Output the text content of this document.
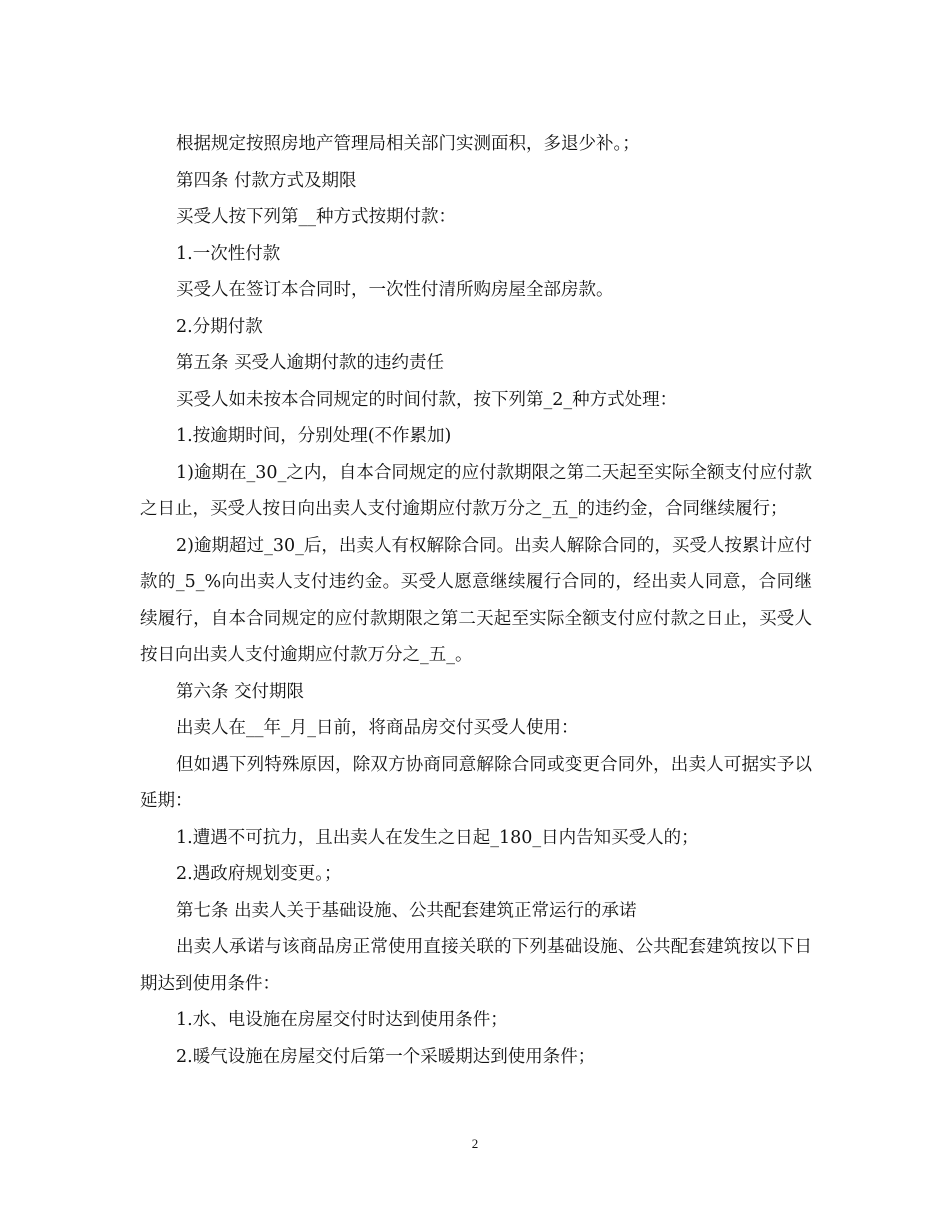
根据规定按照房地产管理局相关部门实测面积，多退少补。；

第四条 付款方式及期限

买受人按下列第__种方式按期付款：

1.一次性付款

买受人在签订本合同时，一次性付清所购房屋全部房款。

2.分期付款

第五条 买受人逾期付款的违约责任

买受人如未按本合同规定的时间付款，按下列第_2_种方式处理：

1.按逾期时间，分别处理(不作累加)

1)逾期在_30_之内，自本合同规定的应付款期限之第二天起至实际全额支付应付款之日止，买受人按日向出卖人支付逾期应付款万分之_五_的违约金，合同继续履行；

2)逾期超过_30_后，出卖人有权解除合同。出卖人解除合同的，买受人按累计应付款的_5_%向出卖人支付违约金。买受人愿意继续履行合同的，经出卖人同意，合同继续履行，自本合同规定的应付款期限之第二天起至实际全额支付应付款之日止，买受人按日向出卖人支付逾期应付款万分之_五_。

第六条 交付期限

出卖人在__年_月_日前，将商品房交付买受人使用：

但如遇下列特殊原因，除双方协商同意解除合同或变更合同外，出卖人可据实予以延期：

1.遭遇不可抗力，且出卖人在发生之日起_180_日内告知买受人的；

2.遇政府规划变更。；

第七条 出卖人关于基础设施、公共配套建筑正常运行的承诺

出卖人承诺与该商品房正常使用直接关联的下列基础设施、公共配套建筑按以下日期达到使用条件：

1.水、电设施在房屋交付时达到使用条件；

2.暖气设施在房屋交付后第一个采暖期达到使用条件；

2
